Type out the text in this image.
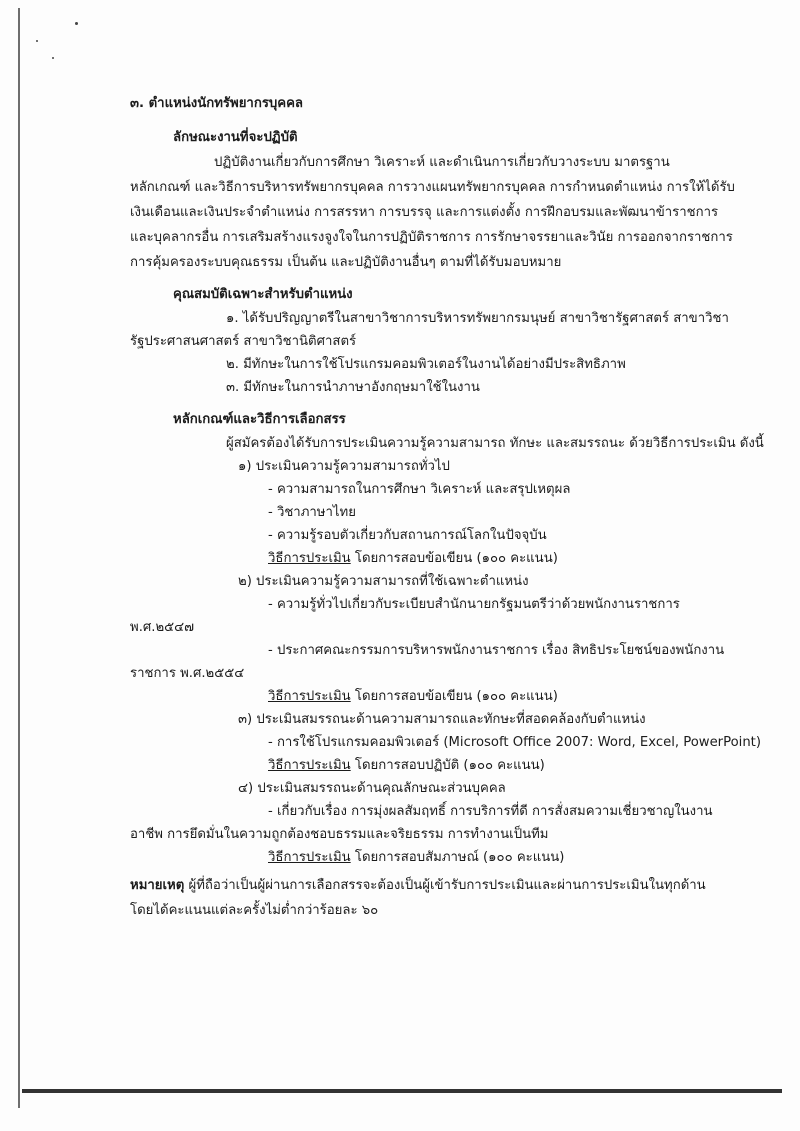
๓. ตำแหน่งนักทรัพยากรบุคคล
ลักษณะงานที่จะปฏิบัติ
ปฏิบัติงานเกี่ยวกับการศึกษา วิเคราะห์ และดำเนินการเกี่ยวกับวางระบบ มาตรฐาน
หลักเกณฑ์ และวิธีการบริหารทรัพยากรบุคคล การวางแผนทรัพยากรบุคคล การกำหนดตำแหน่ง การให้ได้รับ
เงินเดือนและเงินประจำตำแหน่ง การสรรหา การบรรจุ และการแต่งตั้ง การฝึกอบรมและพัฒนาข้าราชการ
และบุคลากรอื่น การเสริมสร้างแรงจูงใจในการปฏิบัติราชการ การรักษาจรรยาและวินัย การออกจากราชการ
การคุ้มครองระบบคุณธรรม เป็นต้น และปฏิบัติงานอื่นๆ ตามที่ได้รับมอบหมาย
คุณสมบัติเฉพาะสำหรับตำแหน่ง
๑. ได้รับปริญญาตรีในสาขาวิชาการบริหารทรัพยากรมนุษย์ สาขาวิชารัฐศาสตร์ สาขาวิชา
รัฐประศาสนศาสตร์ สาขาวิชานิติศาสตร์
๒. มีทักษะในการใช้โปรแกรมคอมพิวเตอร์ในงานได้อย่างมีประสิทธิภาพ
๓. มีทักษะในการนำภาษาอังกฤษมาใช้ในงาน
หลักเกณฑ์และวิธีการเลือกสรร
ผู้สมัครต้องได้รับการประเมินความรู้ความสามารถ ทักษะ และสมรรถนะ ด้วยวิธีการประเมิน ดังนี้
๑) ประเมินความรู้ความสามารถทั่วไป
- ความสามารถในการศึกษา วิเคราะห์ และสรุปเหตุผล
- วิชาภาษาไทย
- ความรู้รอบตัวเกี่ยวกับสถานการณ์โลกในปัจจุบัน
วิธีการประเมิน โดยการสอบข้อเขียน (๑๐๐ คะแนน)
๒) ประเมินความรู้ความสามารถที่ใช้เฉพาะตำแหน่ง
- ความรู้ทั่วไปเกี่ยวกับระเบียบสำนักนายกรัฐมนตรีว่าด้วยพนักงานราชการ
พ.ศ.๒๕๔๗
- ประกาศคณะกรรมการบริหารพนักงานราชการ เรื่อง สิทธิประโยชน์ของพนักงาน
ราชการ พ.ศ.๒๕๕๔
วิธีการประเมิน โดยการสอบข้อเขียน (๑๐๐ คะแนน)
๓) ประเมินสมรรถนะด้านความสามารถและทักษะที่สอดคล้องกับตำแหน่ง
- การใช้โปรแกรมคอมพิวเตอร์ (Microsoft Office 2007: Word, Excel, PowerPoint)
วิธีการประเมิน โดยการสอบปฏิบัติ (๑๐๐ คะแนน)
๔) ประเมินสมรรถนะด้านคุณลักษณะส่วนบุคคล
- เกี่ยวกับเรื่อง การมุ่งผลสัมฤทธิ์ การบริการที่ดี การสั่งสมความเชี่ยวชาญในงาน
อาชีพ การยึดมั่นในความถูกต้องชอบธรรมและจริยธรรม การทำงานเป็นทีม
วิธีการประเมิน โดยการสอบสัมภาษณ์ (๑๐๐ คะแนน)
หมายเหตุ ผู้ที่ถือว่าเป็นผู้ผ่านการเลือกสรรจะต้องเป็นผู้เข้ารับการประเมินและผ่านการประเมินในทุกด้าน
โดยได้คะแนนแต่ละครั้งไม่ต่ำกว่าร้อยละ ๖๐
